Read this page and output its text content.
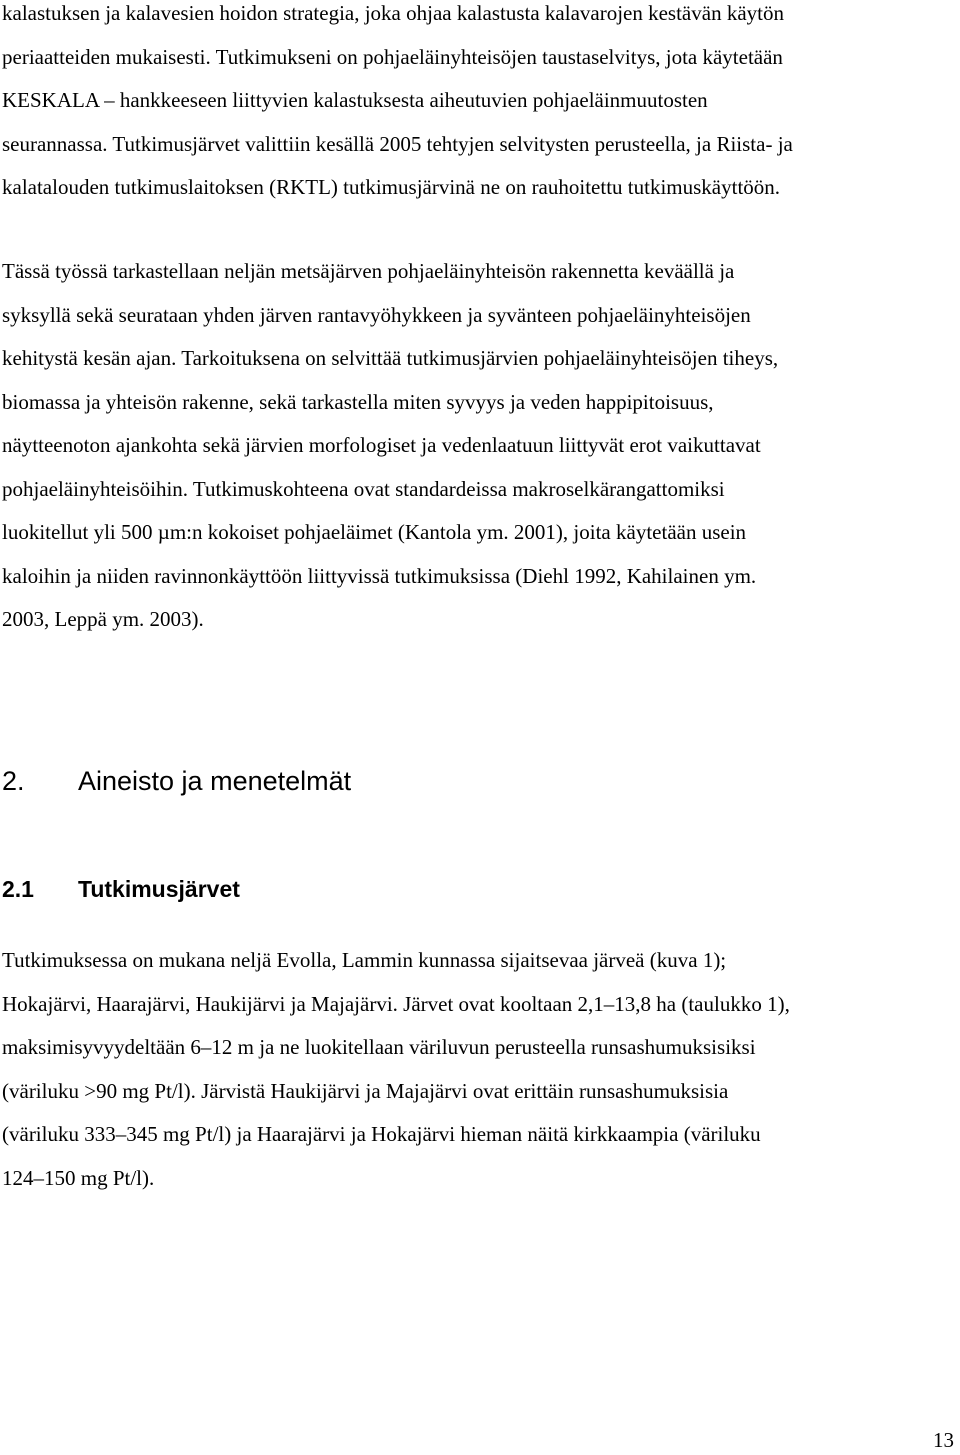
kalastuksen ja kalavesien hoidon strategia, joka ohjaa kalastusta kalavarojen kestävän käytön
periaatteiden mukaisesti. Tutkimukseni on pohjaeläinyhteisöjen taustaselvitys, jota käytetään
KESKALA – hankkeeseen liittyvien kalastuksesta aiheutuvien pohjaeläinmuutosten
seurannassa. Tutkimusjärvet valittiin kesällä 2005 tehtyjen selvitysten perusteella, ja Riista- ja
kalatalouden tutkimuslaitoksen (RKTL) tutkimusjärvinä ne on rauhoitettu tutkimuskäyttöön.

Tässä työssä tarkastellaan neljän metsäjärven pohjaeläinyhteisön rakennetta keväällä ja
syksyllä sekä seurataan yhden järven rantavyöhykkeen ja syvänteen pohjaeläinyhteisöjen
kehitystä kesän ajan. Tarkoituksena on selvittää tutkimusjärvien pohjaeläinyhteisöjen tiheys,
biomassa ja yhteisön rakenne, sekä tarkastella miten syvyys ja veden happipitoisuus,
näytteenoton ajankohta sekä järvien morfologiset ja vedenlaatuun liittyvät erot vaikuttavat
pohjaeläinyhteisöihin. Tutkimuskohteena ovat standardeissa makroselkärangattomiksi
luokitellut yli 500 µm:n kokoiset pohjaeläimet (Kantola ym. 2001), joita käytetään usein
kaloihin ja niiden ravinnonkäyttöön liittyvissä tutkimuksissa (Diehl 1992, Kahilainen ym.
2003, Leppä ym. 2003).

2. Aineisto ja menetelmät
2.1 Tutkimusjärvet

Tutkimuksessa on mukana neljä Evolla, Lammin kunnassa sijaitsevaa järveä (kuva 1);
Hokajärvi, Haarajärvi, Haukijärvi ja Majajärvi. Järvet ovat kooltaan 2,1–13,8 ha (taulukko 1),
maksimisyvyydeltään 6–12 m ja ne luokitellaan väriluvun perusteella runsashumuksisiksi
(väriluku >90 mg Pt/l). Järvistä Haukijärvi ja Majajärvi ovat erittäin runsashumuksisia
(väriluku 333–345 mg Pt/l) ja Haarajärvi ja Hokajärvi hieman näitä kirkkaampia (väriluku
124–150 mg Pt/l).

13
